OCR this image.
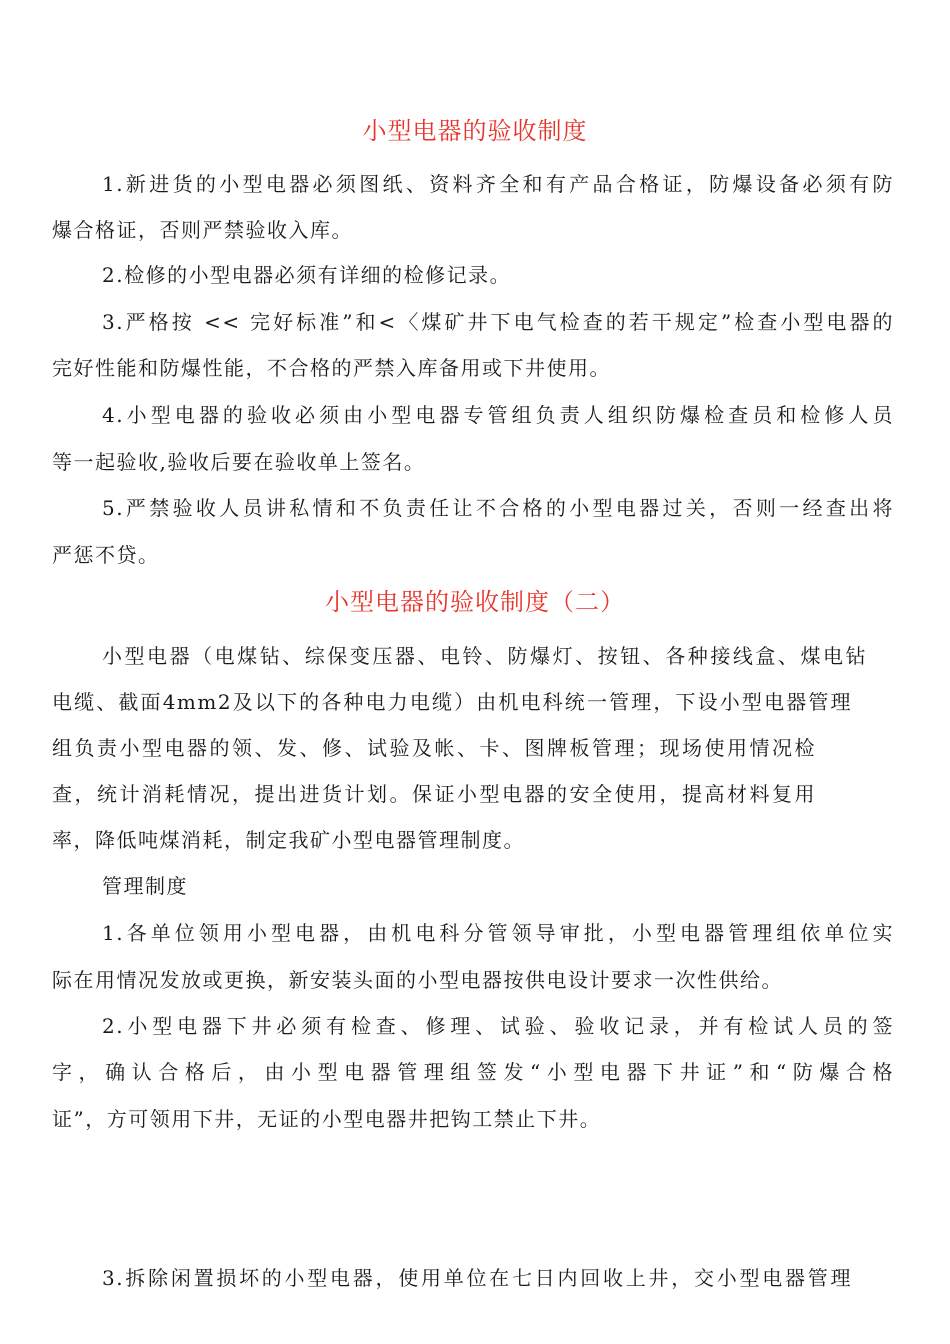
小型电器的验收制度

1.新进货的小型电器必须图纸、资料齐全和有产品合格证，防爆设备必须有防

爆合格证，否则严禁验收入库。

2.检修的小型电器必须有详细的检修记录。

3.严格按 << 完好标准”和<〈煤矿井下电气检查的若干规定”检查小型电器的

完好性能和防爆性能，不合格的严禁入库备用或下井使用。

4.小型电器的验收必须由小型电器专管组负责人组织防爆检查员和检修人员

等一起验收,验收后要在验收单上签名。

5.严禁验收人员讲私情和不负责任让不合格的小型电器过关，否则一经查出将

严惩不贷。

小型电器的验收制度（二）

小型电器（电煤钻、综保变压器、电铃、防爆灯、按钮、各种接线盒、煤电钻

电缆、截面4mm2及以下的各种电力电缆）由机电科统一管理，下设小型电器管理

组负责小型电器的领、发、修、试验及帐、卡、图牌板管理；现场使用情况检

查，统计消耗情况，提出进货计划。保证小型电器的安全使用，提高材料复用

率，降低吨煤消耗，制定我矿小型电器管理制度。

管理制度

1.各单位领用小型电器，由机电科分管领导审批，小型电器管理组依单位实

际在用情况发放或更换，新安装头面的小型电器按供电设计要求一次性供给。

2.小型电器下井必须有检查、修理、试验、验收记录，并有检试人员的签

字，确认合格后，由小型电器管理组签发“小型电器下井证”和“防爆合格

证”，方可领用下井，无证的小型电器井把钩工禁止下井。

3.拆除闲置损坏的小型电器，使用单位在七日内回收上井，交小型电器管理
